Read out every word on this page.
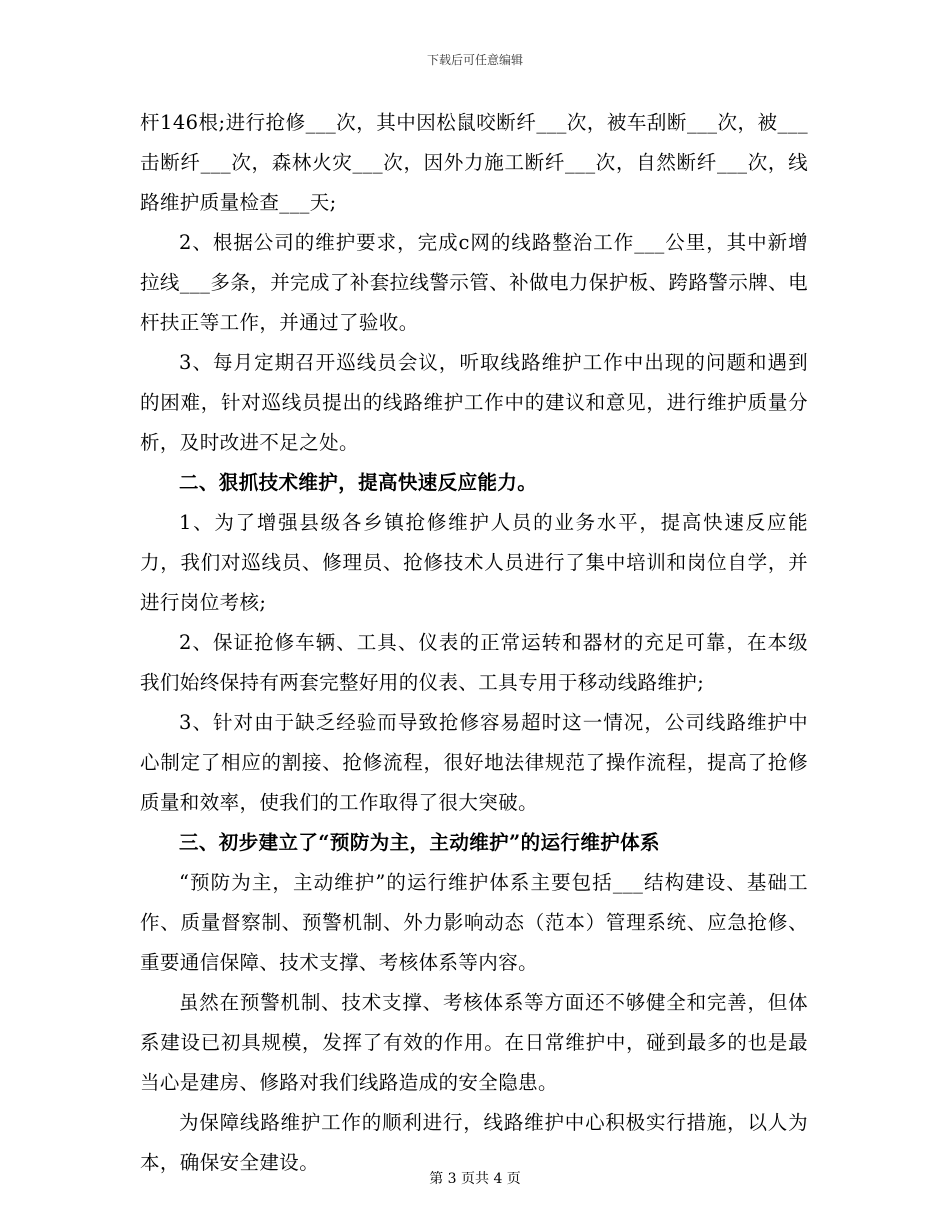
下载后可任意编辑

杆146根;进行抢修___次，其中因松鼠咬断纤___次，被车刮断___次，被___击断纤___次，森林火灾___次，因外力施工断纤___次，自然断纤___次，线路维护质量检查___天;

2、根据公司的维护要求，完成c网的线路整治工作___公里，其中新增拉线___多条，并完成了补套拉线警示管、补做电力保护板、跨路警示牌、电杆扶正等工作，并通过了验收。

3、每月定期召开巡线员会议，听取线路维护工作中出现的问题和遇到的困难，针对巡线员提出的线路维护工作中的建议和意见，进行维护质量分析，及时改进不足之处。

二、狠抓技术维护，提高快速反应能力。

1、为了增强县级各乡镇抢修维护人员的业务水平，提高快速反应能力，我们对巡线员、修理员、抢修技术人员进行了集中培训和岗位自学，并进行岗位考核;

2、保证抢修车辆、工具、仪表的正常运转和器材的充足可靠，在本级我们始终保持有两套完整好用的仪表、工具专用于移动线路维护;

3、针对由于缺乏经验而导致抢修容易超时这一情况，公司线路维护中心制定了相应的割接、抢修流程，很好地法律规范了操作流程，提高了抢修质量和效率，使我们的工作取得了很大突破。

三、初步建立了“预防为主，主动维护”的运行维护体系

“预防为主，主动维护”的运行维护体系主要包括___结构建设、基础工作、质量督察制、预警机制、外力影响动态（范本）管理系统、应急抢修、重要通信保障、技术支撑、考核体系等内容。

虽然在预警机制、技术支撑、考核体系等方面还不够健全和完善，但体系建设已初具规模，发挥了有效的作用。在日常维护中，碰到最多的也是最当心是建房、修路对我们线路造成的安全隐患。

为保障线路维护工作的顺利进行，线路维护中心积极实行措施，以人为本，确保安全建设。

第 3 页共 4 页
